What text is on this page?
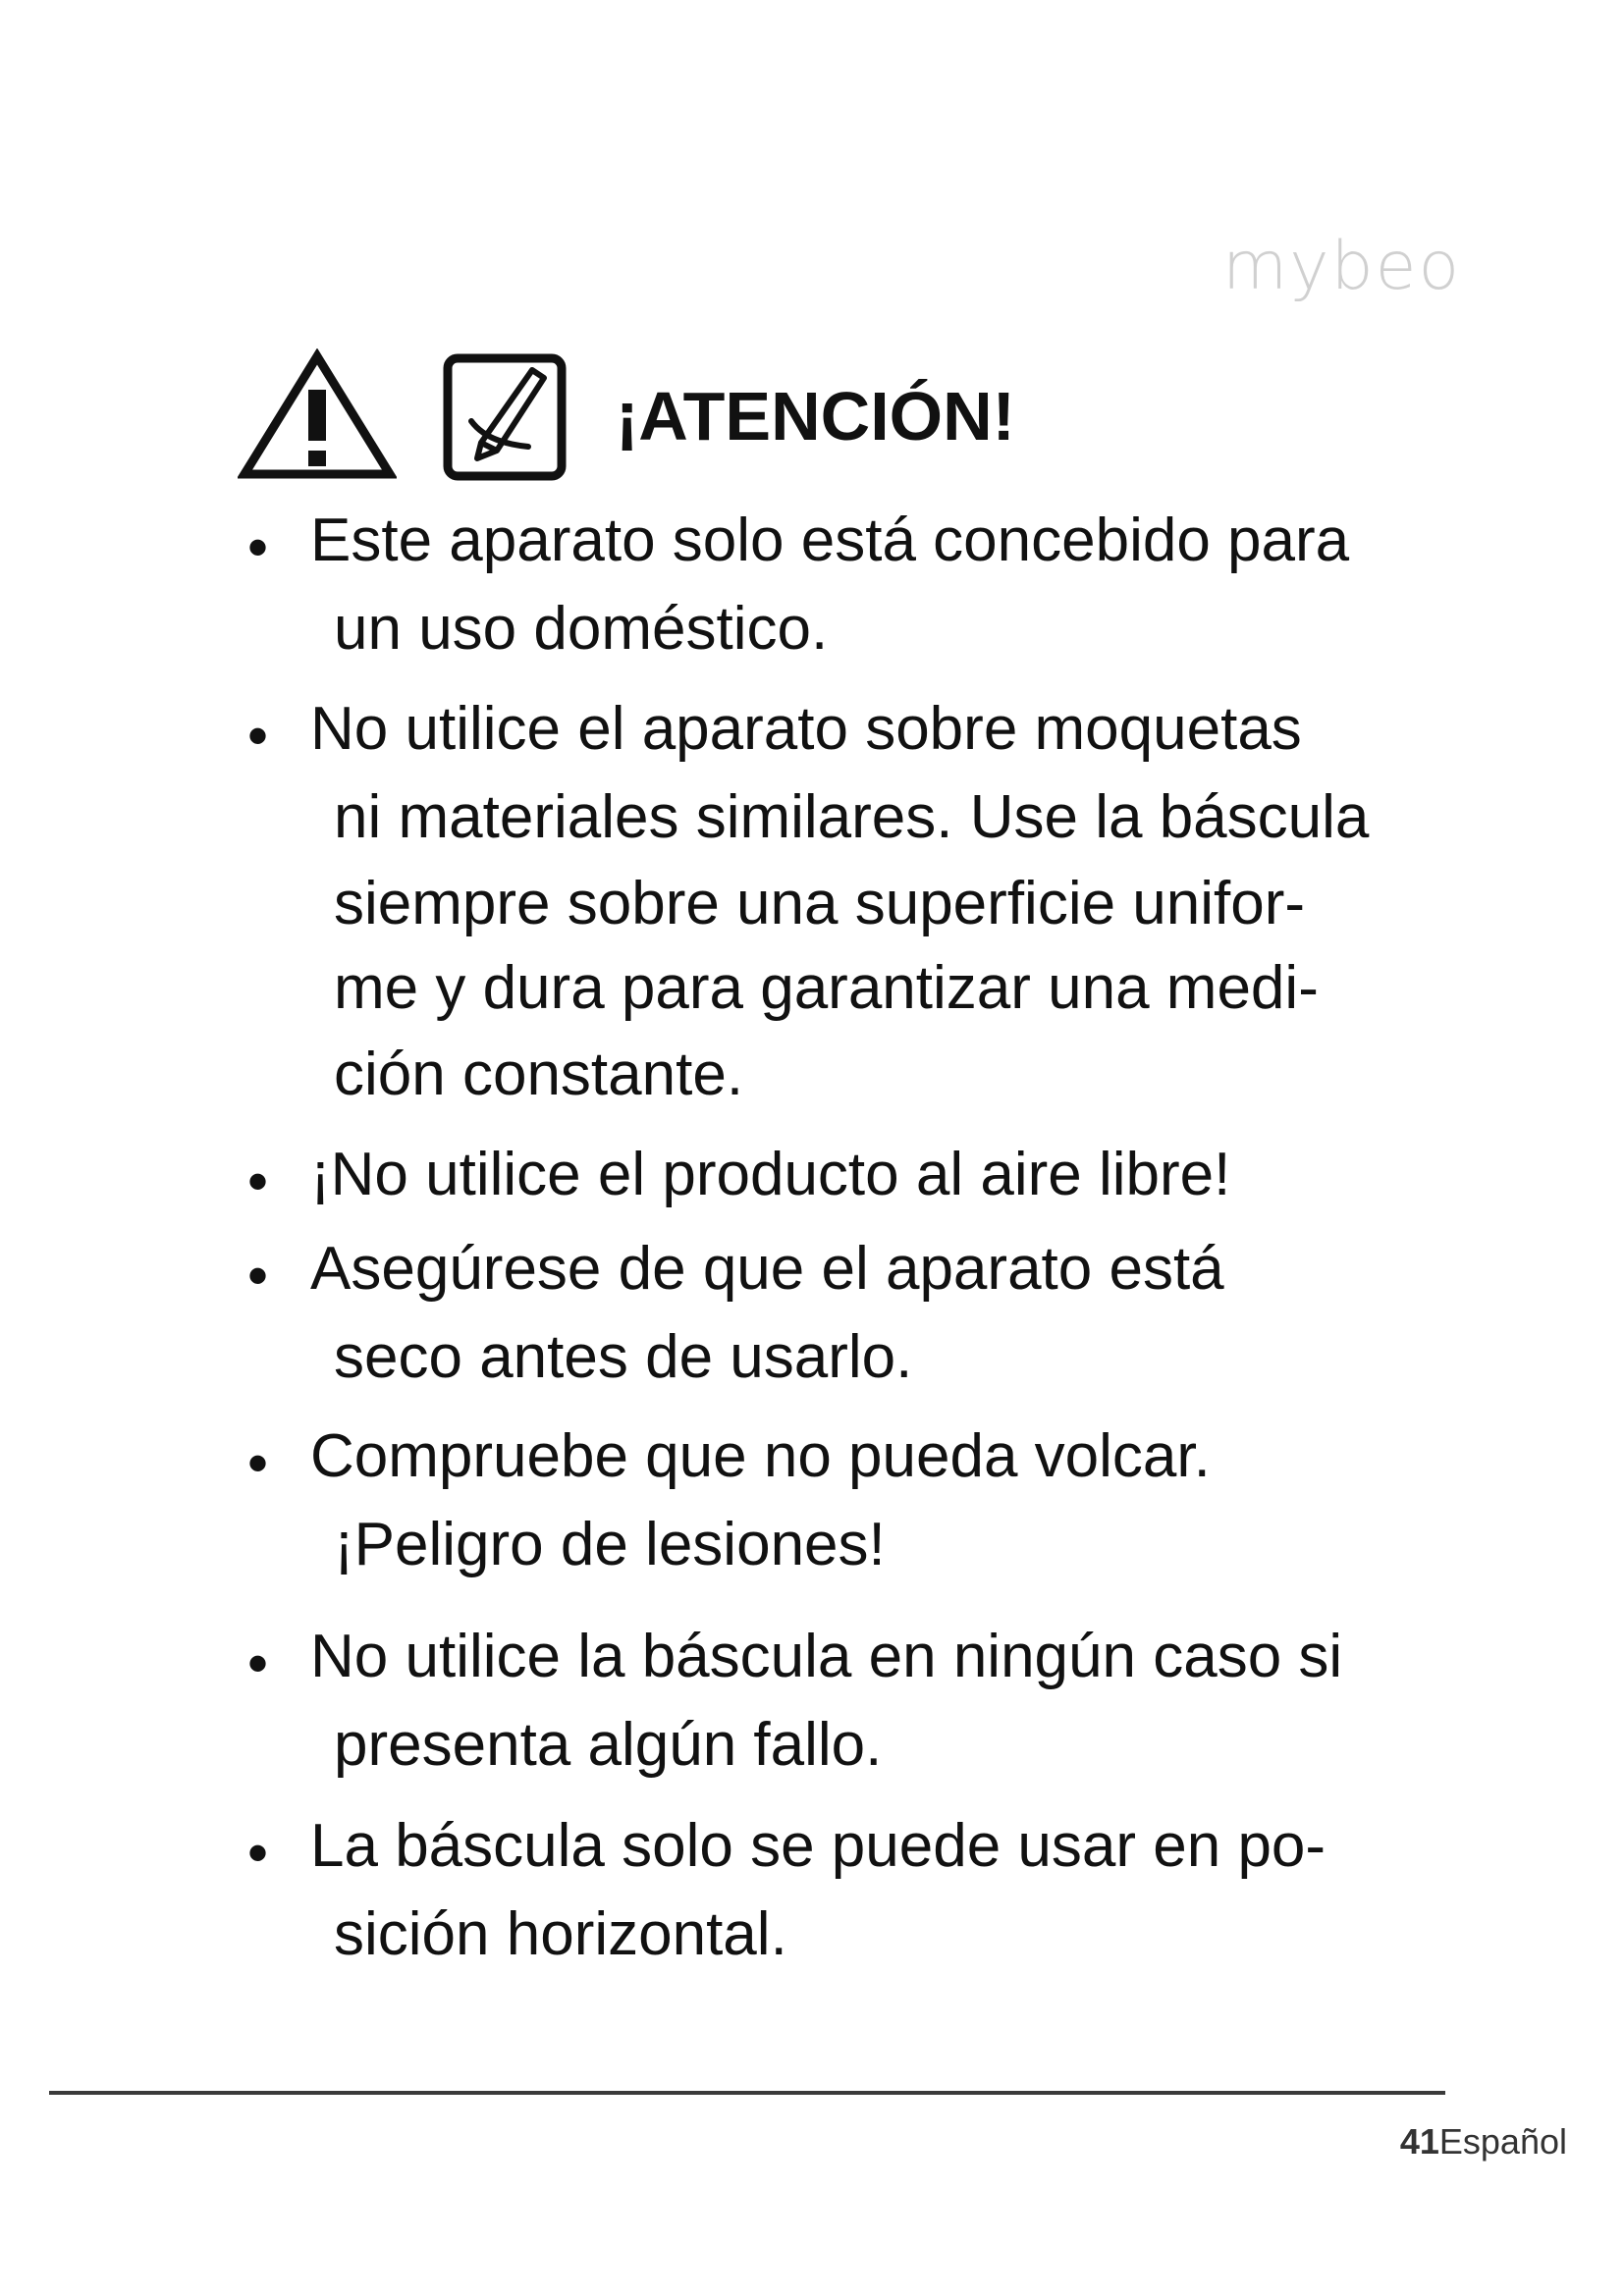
mybeo
¡ATENCIÓN!
• Este aparato solo está concebido para
un uso doméstico.
• No utilice el aparato sobre moquetas
ni materiales similares. Use la báscula
siempre sobre una superficie unifor-
me y dura para garantizar una medi-
ción constante.
• ¡No utilice el producto al aire libre!
• Asegúrese de que el aparato está
seco antes de usarlo.
• Compruebe que no pueda volcar.
¡Peligro de lesiones!
• No utilice la báscula en ningún caso si
presenta algún fallo.
• La báscula solo se puede usar en po-
sición horizontal.
41Español
